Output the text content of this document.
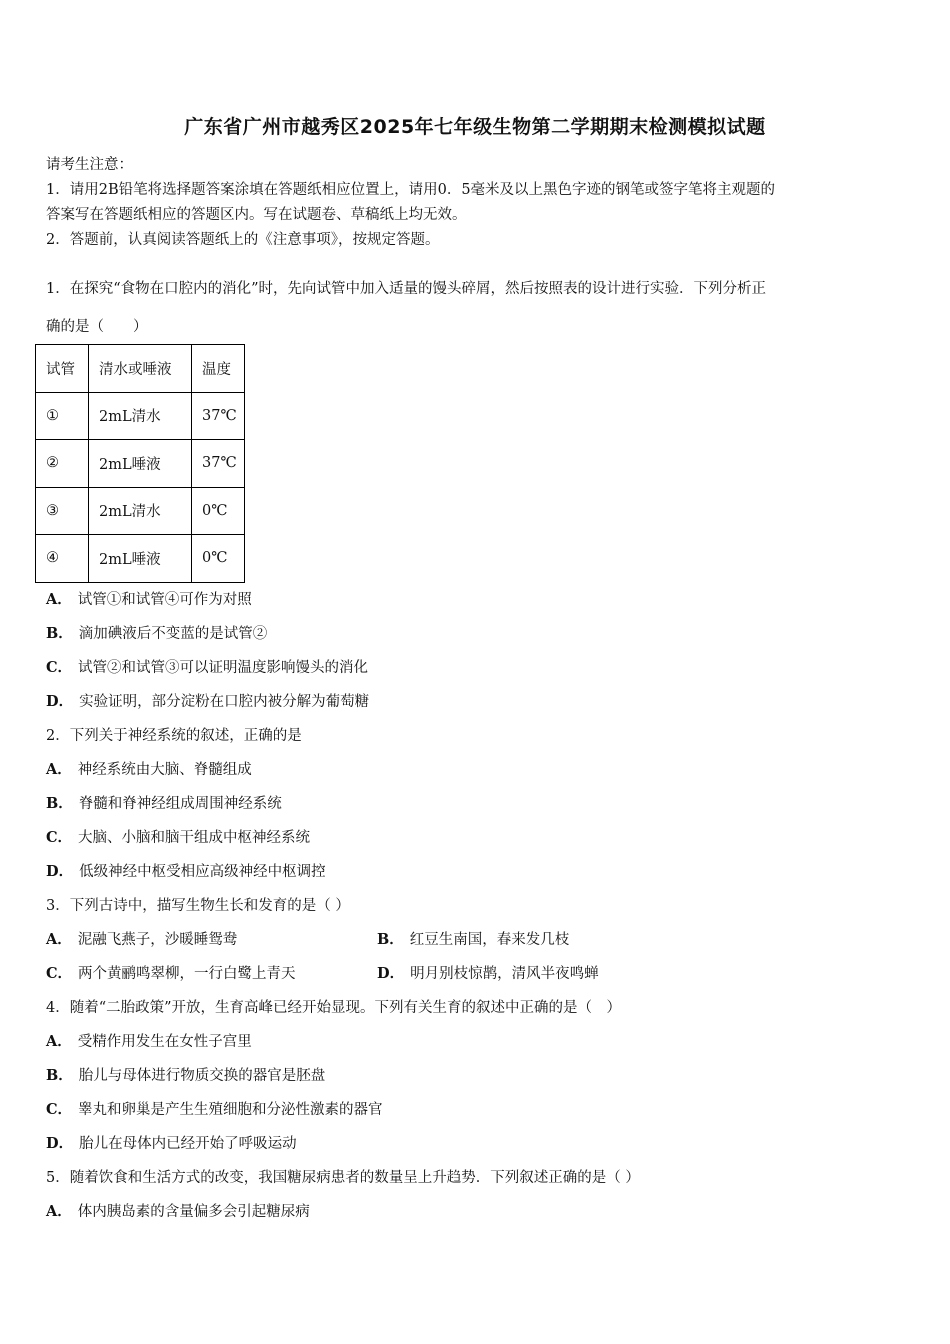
广东省广州市越秀区2025年七年级生物第二学期期末检测模拟试题
请考生注意：
1．请用2B铅笔将选择题答案涂填在答题纸相应位置上，请用0．5毫米及以上黑色字迹的钢笔或签字笔将主观题的
答案写在答题纸相应的答题区内。写在试题卷、草稿纸上均无效。
2．答题前，认真阅读答题纸上的《注意事项》，按规定答题。
1．在探究“食物在口腔内的消化”时，先向试管中加入适量的馒头碎屑，然后按照表的设计进行实验．下列分析正
确的是（　　）
试管	清水或唾液	温度
①	2mL清水	37℃
②	2mL唾液	37℃
③	2mL清水	0℃
④	2mL唾液	0℃
A． 试管①和试管④可作为对照
B． 滴加碘液后不变蓝的是试管②
C． 试管②和试管③可以证明温度影响馒头的消化
D． 实验证明，部分淀粉在口腔内被分解为葡萄糖
2．下列关于神经系统的叙述，正确的是
A． 神经系统由大脑、脊髓组成
B． 脊髓和脊神经组成周围神经系统
C． 大脑、小脑和脑干组成中枢神经系统
D． 低级神经中枢受相应高级神经中枢调控
3．下列古诗中，描写生物生长和发育的是（ ）
A． 泥融飞燕子，沙暖睡鸳鸯	B． 红豆生南国，春来发几枝
C． 两个黄鹂鸣翠柳，一行白鹭上青天	D． 明月别枝惊鹊，清风半夜鸣蝉
4．随着“二胎政策”开放，生育高峰已经开始显现。下列有关生育的叙述中正确的是（　）
A． 受精作用发生在女性子宫里
B． 胎儿与母体进行物质交换的器官是胚盘
C． 睾丸和卵巢是产生生殖细胞和分泌性激素的器官
D． 胎儿在母体内已经开始了呼吸运动
5．随着饮食和生活方式的改变，我国糖尿病患者的数量呈上升趋势．下列叙述正确的是（ ）
A． 体内胰岛素的含量偏多会引起糖尿病
